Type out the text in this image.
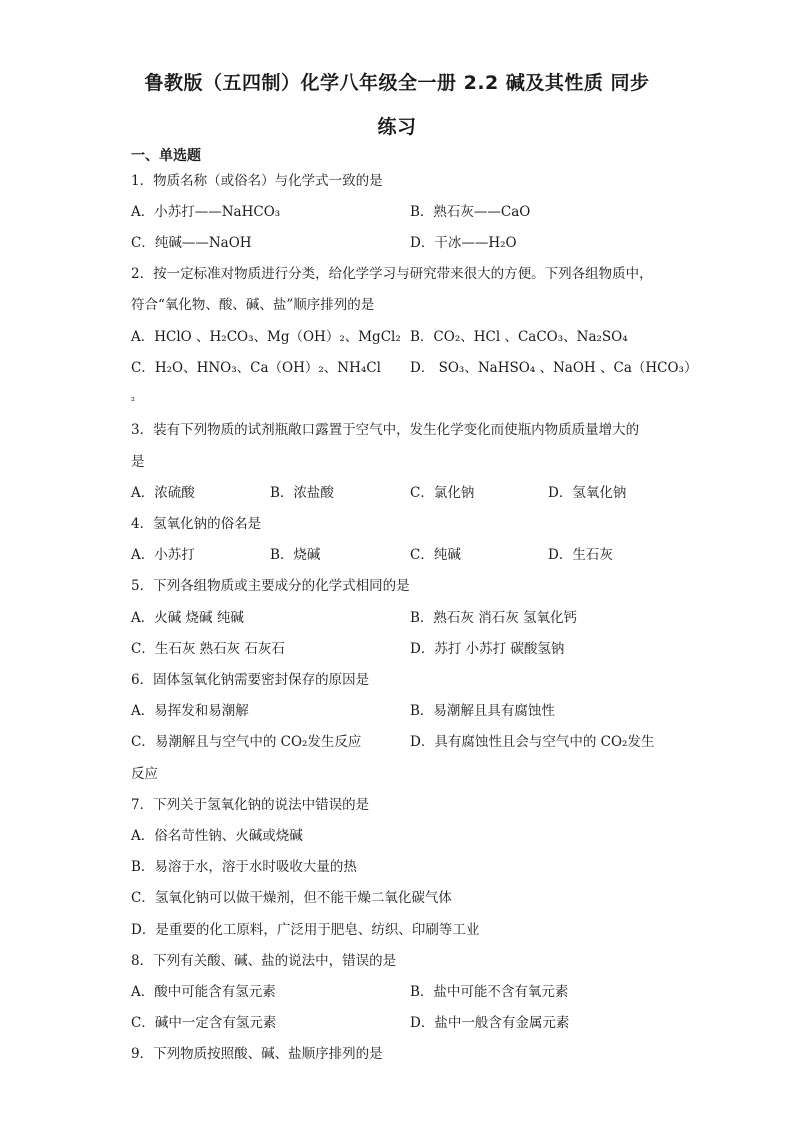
鲁教版（五四制）化学八年级全一册 2.2 碱及其性质 同步
练习
一、单选题
1．物质名称（或俗名）与化学式一致的是
A．小苏打——NaHCO₃	B．熟石灰——CaO
C．纯碱——NaOH	D．干冰——H₂O
2．按一定标准对物质进行分类，给化学学习与研究带来很大的方便。下列各组物质中，
符合“氧化物、酸、碱、盐”顺序排列的是
A．HClO 、H₂CO₃、Mg（OH）₂、MgCl₂ B．CO₂、HCl 、CaCO₃、Na₂SO₄
C．H₂O、HNO₃、Ca（OH）₂、NH₄Cl D． SO₃、NaHSO₄ 、NaOH 、Ca（HCO₃）
₂
3．装有下列物质的试剂瓶敞口露置于空气中，发生化学变化而使瓶内物质质量增大的
是
A．浓硫酸	B．浓盐酸	C．氯化钠	D．氢氧化钠
4．氢氧化钠的俗名是
A．小苏打	B．烧碱	C．纯碱	D．生石灰
5．下列各组物质或主要成分的化学式相同的是
A．火碱 烧碱 纯碱	B．熟石灰 消石灰 氢氧化钙
C．生石灰 熟石灰 石灰石	D．苏打 小苏打 碳酸氢钠
6．固体氢氧化钠需要密封保存的原因是
A．易挥发和易潮解	B．易潮解且具有腐蚀性
C．易潮解且与空气中的 CO₂发生反应	D．具有腐蚀性且会与空气中的 CO₂发生
反应
7．下列关于氢氧化钠的说法中错误的是
A．俗名苛性钠、火碱或烧碱
B．易溶于水，溶于水时吸收大量的热
C．氢氧化钠可以做干燥剂，但不能干燥二氧化碳气体
D．是重要的化工原料，广泛用于肥皂、纺织、印刷等工业
8．下列有关酸、碱、盐的说法中，错误的是
A．酸中可能含有氢元素	B．盐中可能不含有氧元素
C．碱中一定含有氢元素	D．盐中一般含有金属元素
9．下列物质按照酸、碱、盐顺序排列的是
